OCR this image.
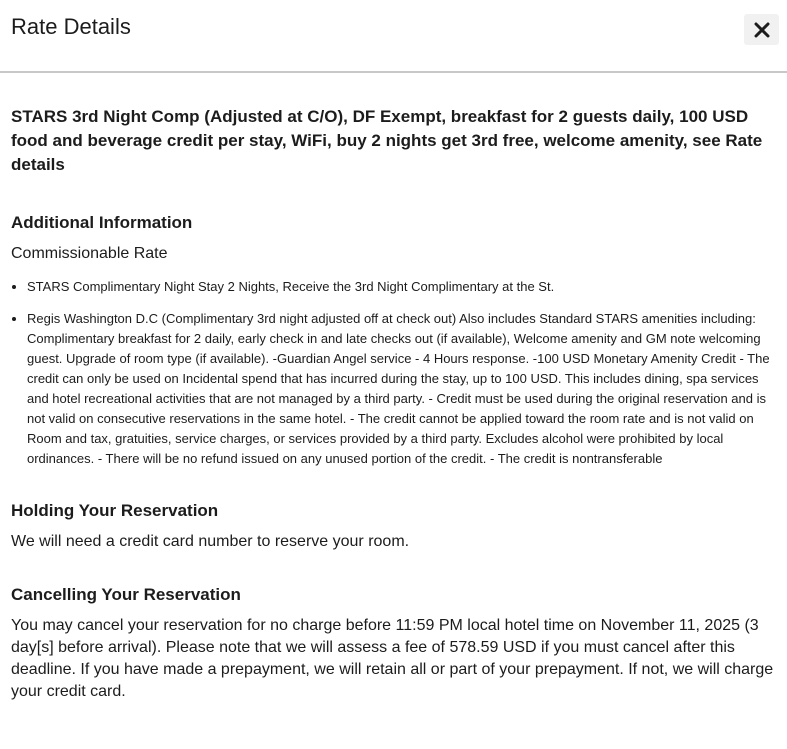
Rate Details

STARS 3rd Night Comp (Adjusted at C/O), DF Exempt, breakfast for 2 guests daily, 100 USD food and beverage credit per stay, WiFi, buy 2 nights get 3rd free, welcome amenity, see Rate details

Additional Information

Commissionable Rate

• STARS Complimentary Night Stay 2 Nights, Receive the 3rd Night Complimentary at the St.
• Regis Washington D.C (Complimentary 3rd night adjusted off at check out) Also includes Standard STARS amenities including: Complimentary breakfast for 2 daily, early check in and late checks out (if available), Welcome amenity and GM note welcoming guest. Upgrade of room type (if available). -Guardian Angel service - 4 Hours response. -100 USD Monetary Amenity Credit - The credit can only be used on Incidental spend that has incurred during the stay, up to 100 USD. This includes dining, spa services and hotel recreational activities that are not managed by a third party. - Credit must be used during the original reservation and is not valid on consecutive reservations in the same hotel. - The credit cannot be applied toward the room rate and is not valid on Room and tax, gratuities, service charges, or services provided by a third party. Excludes alcohol were prohibited by local ordinances. - There will be no refund issued on any unused portion of the credit. - The credit is nontransferable
Holding Your Reservation

We will need a credit card number to reserve your room.

Cancelling Your Reservation

You may cancel your reservation for no charge before 11:59 PM local hotel time on November 11, 2025 (3 day[s] before arrival). Please note that we will assess a fee of 578.59 USD if you must cancel after this deadline. If you have made a prepayment, we will retain all or part of your prepayment. If not, we will charge your credit card.
